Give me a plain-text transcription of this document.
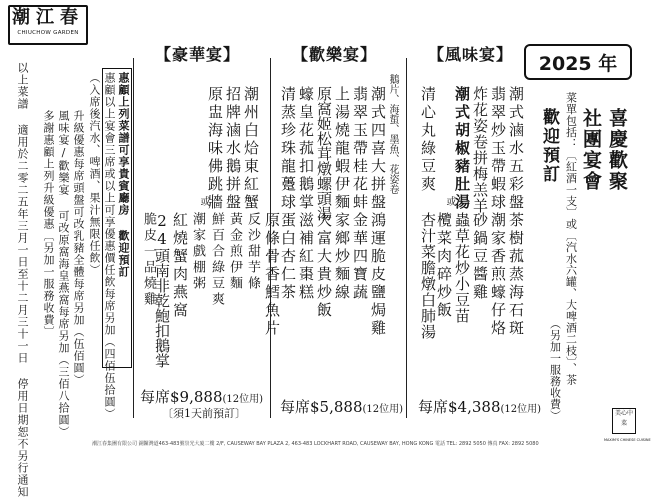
潮江春
CHIUCHOW GARDEN
【豪華宴】	【歡樂宴】	【風味宴】	2025 年
潮州白烚東紅蟹
招牌滷水鵝拼盤
原盅海味佛跳牆
或
紅燒蟹肉燕窩
24頭南非乾鮑扣鵝掌	原條骨香鱈魚片
脆皮一品燒雞	潮家戲棚粥 黃金煎伊麵 反沙甜芋條
鮮百合綠豆爽
每席$9,888(12位用)
〔須1天前預訂〕
鵝片、海蜇、墨魚、花姿卷
潮式四喜大拼盤
翡翠玉帶桂花蚌
上湯燒龍蝦伊麵
原窩姬松茸燉螺頭湯
蠔皇花菰扣鵝掌
清蒸珍珠龍躉球
鴻運脆皮鹽焗雞
金華四寶蔬
家鄉炒麵線
大富大貴炒飯
滋補紅棗糕
蛋白杏仁茶
每席$5,888(12位用)
潮式滷水五彩盤
翡翠炒玉帶蝦球
炸花姿卷拼梅羔羊
潮式胡椒豬肚湯
或
杏汁菜膽燉白肺湯	茶樹菰蒸海石斑
潮家香煎蠔仔烙
砂鍋豆醬雞
蟲草花炒小豆苗
欖菜肉碎炒飯
清心丸綠豆爽
每席$4,388(12位用)
喜慶歡聚
社團宴會
歡迎預訂 菜單包括：〔紅酒一支〕或〔汽水六罐、大啤酒二枝〕、茶
（另加一服務收費）
惠顧上列菜譜可享貴賓廳房 歡迎預訂
惠顧以上宴會三席或以上可享優惠價任飲每席另加（四佰伍拾圓）
（入席後汽水、啤酒、果汁無限任飲）
升級優惠每席頭盤可改乳豬全體每席另加（伍佰圓）
風味宴/歡樂宴 可改原窩海皇燕窩每席另加（三佰八拾圓）
多謝惠顧上列升級優惠〔另加一服務收費〕
以上菜譜 適用於二零二五年三月一日至十二月三十一日 停用日期恕不另行通知	潮江春集團有限公司 銅鑼灣道463-483號崇光大廈二樓 2/F, CAUSEWAY BAY PLAZA 2, 463-483 LOCKHART ROAD, CAUSEWAY BAY, HONG KONG 電話 TEL: 2892 5050 傳真 FAX: 2892 5080
美心中菜
MAXIM'S CHINESE CUISINE
